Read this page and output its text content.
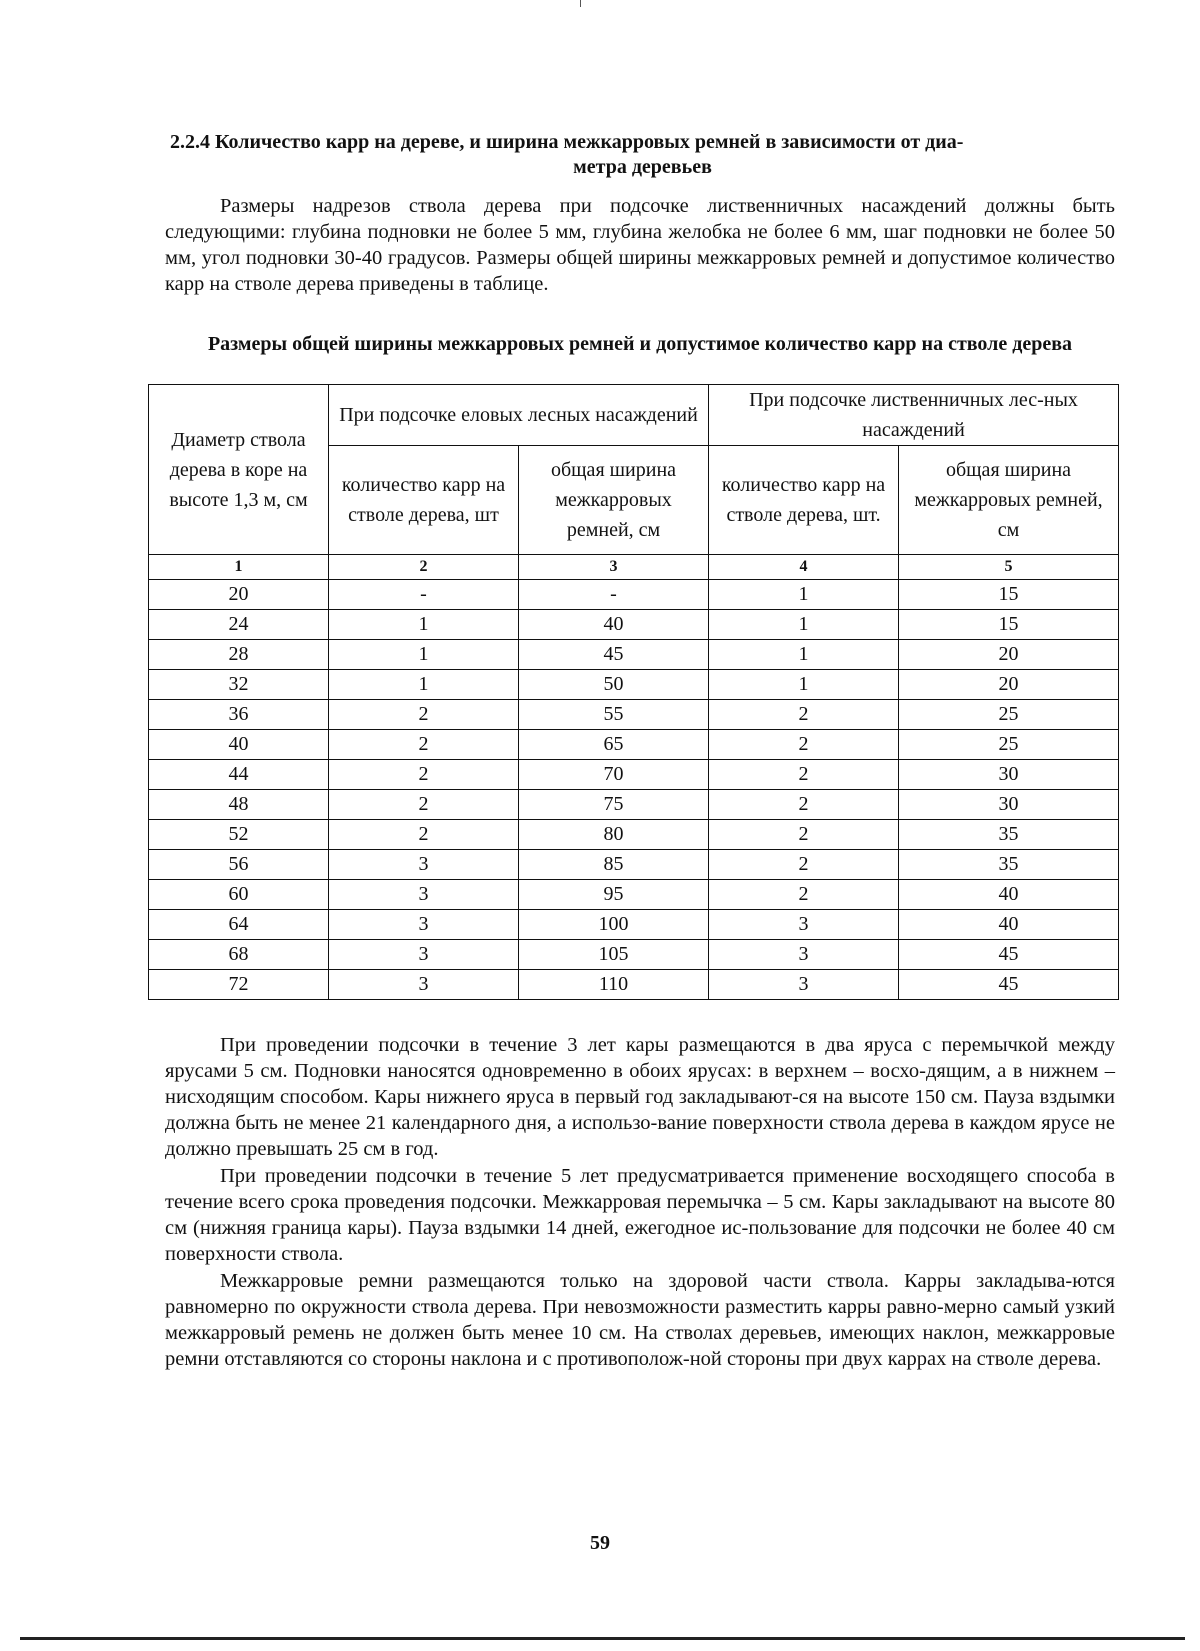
2.2.4 Количество карр на дереве, и ширина межкарровых ремней в зависимости от диа-
метра деревьев

Размеры надрезов ствола дерева при подсочке лиственничных насаждений должны быть следующими: глубина подновки не более 5 мм, глубина желобка не более 6 мм, шаг подновки не более 50 мм, угол подновки 30-40 градусов. Размеры общей ширины межкарровых ремней и допустимое количество карр на стволе дерева приведены в таблице.

Размеры общей ширины межкарровых ремней и допустимое количество карр на стволе дерева
Диаметр ствола дерева в коре на высоте 1,3 м, см	При подсочке еловых лесных насаждений		При подсочке лиственничных лес-ных насаждений	
	количество карр на стволе дерева, шт	общая ширина межкарровых ремней, см	количество карр на стволе дерева, шт.	общая ширина межкарровых ремней, см
1	2	3	4	5
20	-	-	1	15
24	1	40	1	15
28	1	45	1	20
32	1	50	1	20
36	2	55	2	25
40	2	65	2	25
44	2	70	2	30
48	2	75	2	30
52	2	80	2	35
56	3	85	2	35
60	3	95	2	40
64	3	100	3	40
68	3	105	3	45
72	3	110	3	45

При проведении подсочки в течение 3 лет кары размещаются в два яруса с перемычкой между ярусами 5 см. Подновки наносятся одновременно в обоих ярусах: в верхнем – восхо-дящим, а в нижнем – нисходящим способом. Кары нижнего яруса в первый год закладывают-ся на высоте 150 см. Пауза вздымки должна быть не менее 21 календарного дня, а использо-вание поверхности ствола дерева в каждом ярусе не должно превышать 25 см в год.

При проведении подсочки в течение 5 лет предусматривается применение восходящего способа в течение всего срока проведения подсочки. Межкарровая перемычка – 5 см. Кары закладывают на высоте 80 см (нижняя граница кары). Пауза вздымки 14 дней, ежегодное ис-пользование для подсочки не более 40 см поверхности ствола.

Межкарровые ремни размещаются только на здоровой части ствола. Карры закладыва-ются равномерно по окружности ствола дерева. При невозможности разместить карры равно-мерно самый узкий межкарровый ремень не должен быть менее 10 см. На стволах деревьев, имеющих наклон, межкарровые ремни отставляются со стороны наклона и с противополож-ной стороны при двух каррах на стволе дерева.

59
